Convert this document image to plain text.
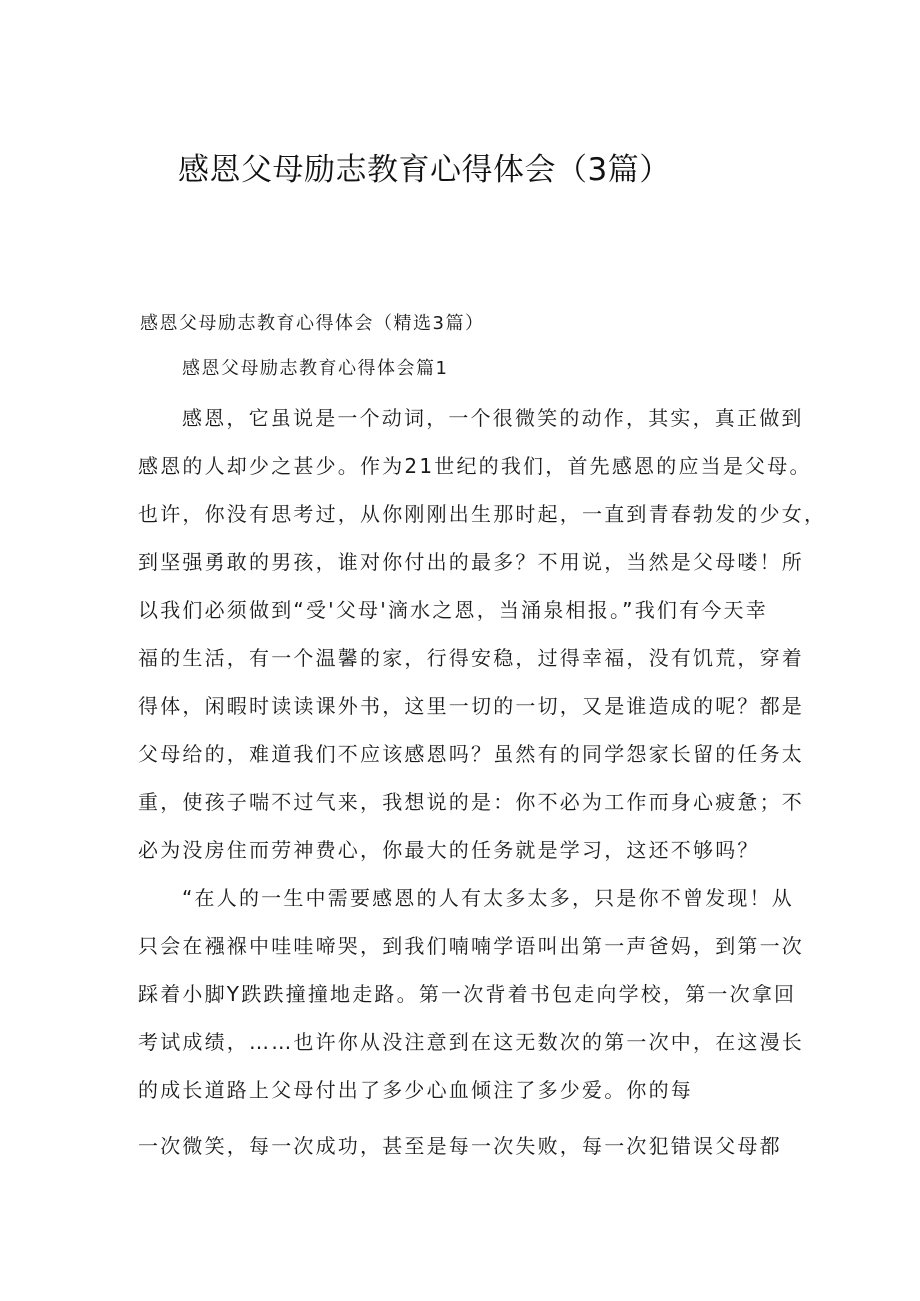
感恩父母励志教育心得体会（3篇）
感恩父母励志教育心得体会（精选3篇）
感恩父母励志教育心得体会篇1
感恩，它虽说是一个动词，一个很微笑的动作，其实，真正做到
感恩的人却少之甚少。作为21世纪的我们，首先感恩的应当是父母。
也许，你没有思考过，从你刚刚出生那时起，一直到青春勃发的少女，
到坚强勇敢的男孩，谁对你付出的最多？不用说，当然是父母喽！所
以我们必须做到“受'父母'滴水之恩，当涌泉相报。”我们有今天幸
福的生活，有一个温馨的家，行得安稳，过得幸福，没有饥荒，穿着
得体，闲暇时读读课外书，这里一切的一切，又是谁造成的呢？都是
父母给的，难道我们不应该感恩吗？虽然有的同学怨家长留的任务太
重，使孩子喘不过气来，我想说的是：你不必为工作而身心疲惫；不
必为没房住而劳神费心，你最大的任务就是学习，这还不够吗？
“在人的一生中需要感恩的人有太多太多，只是你不曾发现！从
只会在襁褓中哇哇啼哭，到我们喃喃学语叫出第一声爸妈，到第一次
踩着小脚Y跌跌撞撞地走路。第一次背着书包走向学校，第一次拿回
考试成绩，……也许你从没注意到在这无数次的第一次中，在这漫长
的成长道路上父母付出了多少心血倾注了多少爱。你的每
一次微笑，每一次成功，甚至是每一次失败，每一次犯错误父母都
